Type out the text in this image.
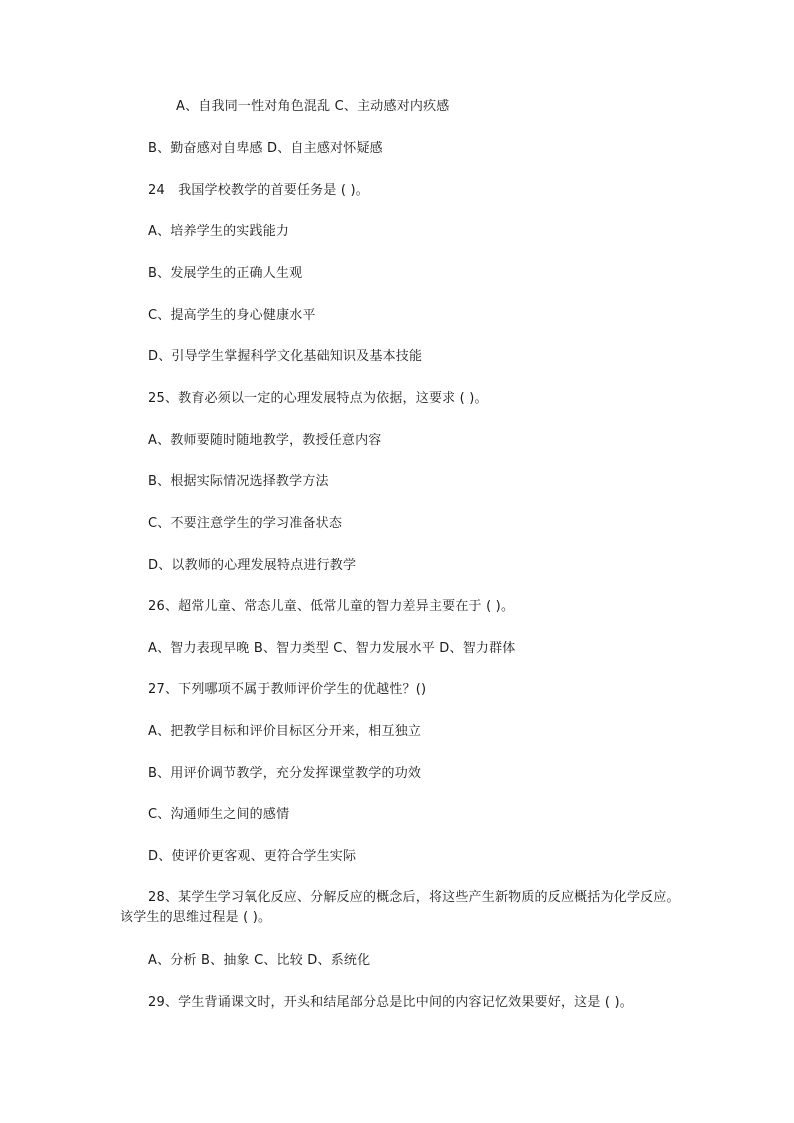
A、自我同一性对角色混乱 C、主动感对内疚感
B、勤奋感对自卑感 D、自主感对怀疑感
24　我国学校教学的首要任务是 ( )。
A、培养学生的实践能力
B、发展学生的正确人生观
C、提高学生的身心健康水平
D、引导学生掌握科学文化基础知识及基本技能
25、教育必须以一定的心理发展特点为依据，这要求 ( )。
A、教师要随时随地教学，教授任意内容
B、根据实际情况选择教学方法
C、不要注意学生的学习准备状态
D、以教师的心理发展特点进行教学
26、超常儿童、常态儿童、低常儿童的智力差异主要在于 ( )。
A、智力表现早晚 B、智力类型 C、智力发展水平 D、智力群体
27、下列哪项不属于教师评价学生的优越性？()
A、把教学目标和评价目标区分开来，相互独立
B、用评价调节教学，充分发挥课堂教学的功效
C、沟通师生之间的感情
D、使评价更客观、更符合学生实际
28、某学生学习氧化反应、分解反应的概念后，将这些产生新物质的反应概括为化学反应。该学生的思维过程是 ( )。
A、分析 B、抽象 C、比较 D、系统化
29、学生背诵课文时，开头和结尾部分总是比中间的内容记忆效果要好，这是 ( )。
